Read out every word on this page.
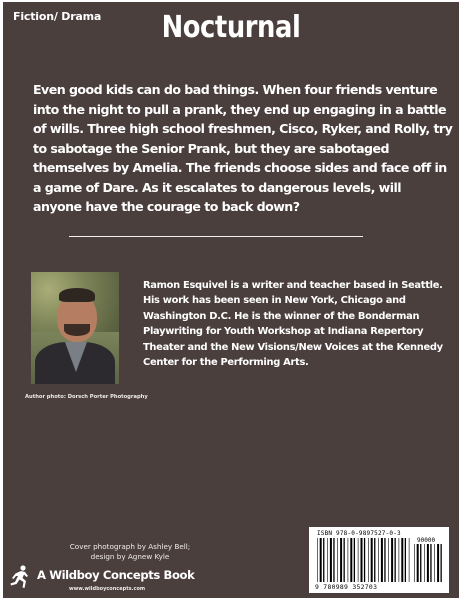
Fiction/ Drama	Nocturnal
Even good kids can do bad things. When four friends venture into the night to pull a prank, they end up engaging in a battle of wills. Three high school freshmen, Cisco, Ryker, and Rolly, try to sabotage the Senior Prank, but they are sabotaged themselves by Amelia. The friends choose sides and face off in a game of Dare. As it escalates to dangerous levels, will anyone have the courage to back down?
Author photo: Dorsch Porter Photography
Ramon Esquivel is a writer and teacher based in Seattle. His work has been seen in New York, Chicago and Washington D.C. He is the winner of the Bonderman Playwriting for Youth Workshop at Indiana Repertory Theater and the New Visions/New Voices at the Kennedy Center for the Performing Arts.
Cover photograph by Ashley Bell;
design by Agnew Kyle
A Wildboy Concepts Book
www.wildboyconcepts.com
ISBN 978-0-9897527-0-3
90000
9 780989 352703
